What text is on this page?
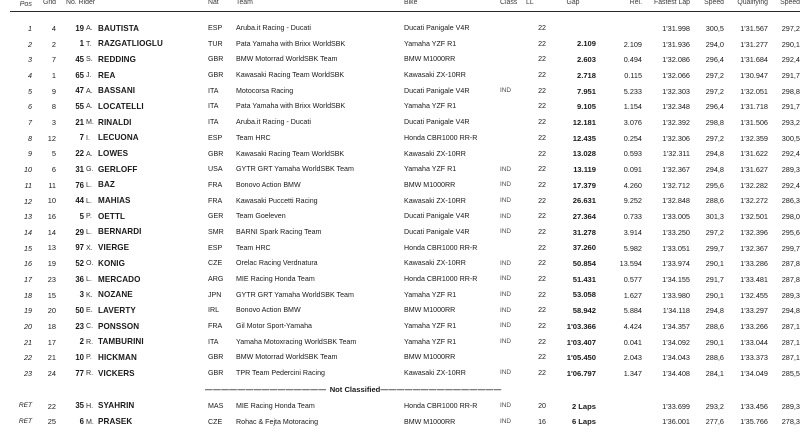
Pos	Grid	No. Rider			Nat	Team	Bike	Class	LL	Gap	Rel.	Fastest Lap	Speed	Qualifying	Speed

1	4	19	A.	BAUTISTA	ESP	Aruba.it Racing - Ducati	Ducati Panigale V4R		22			1'31.998	300,5	1'31.567	297,2
2	2	1	T.	RAZGATLIOGLU	TUR	Pata Yamaha with Brixx WorldSBK	Yamaha YZF R1		22	2.109	2.109	1'31.936	294,0	1'31.277	290,1
3	7	45	S.	REDDING	GBR	BMW Motorrad WorldSBK Team	BMW M1000RR		22	2.603	0.494	1'32.086	296,4	1'31.684	292,4
4	1	65	J.	REA	GBR	Kawasaki Racing Team WorldSBK	Kawasaki ZX-10RR		22	2.718	0.115	1'32.066	297,2	1'30.947	291,7
5	9	47	A.	BASSANI	ITA	Motocorsa Racing	Ducati Panigale V4R	IND	22	7.951	5.233	1'32.303	297,2	1'32.051	298,8
6	8	55	A.	LOCATELLI	ITA	Pata Yamaha with Brixx WorldSBK	Yamaha YZF R1		22	9.105	1.154	1'32.348	296,4	1'31.718	291,7
7	3	21	M.	RINALDI	ITA	Aruba.it Racing - Ducati	Ducati Panigale V4R		22	12.181	3.076	1'32.392	298,8	1'31.506	293,2
8	12	7	I.	LECUONA	ESP	Team HRC	Honda CBR1000 RR-R		22	12.435	0.254	1'32.306	297,2	1'32.359	300,5
9	5	22	A.	LOWES	GBR	Kawasaki Racing Team WorldSBK	Kawasaki ZX-10RR		22	13.028	0.593	1'32.311	294,8	1'31.622	292,4
10	6	31	G.	GERLOFF	USA	GYTR GRT Yamaha WorldSBK Team	Yamaha YZF R1	IND	22	13.119	0.091	1'32.367	294,8	1'31.627	289,3
11	11	76	L.	BAZ	FRA	Bonovo Action BMW	BMW M1000RR	IND	22	17.379	4.260	1'32.712	295,6	1'32.282	292,4
12	10	44	L.	MAHIAS	FRA	Kawasaki Puccetti Racing	Kawasaki ZX-10RR	IND	22	26.631	9.252	1'32.848	288,6	1'32.272	286,3
13	16	5	P.	OETTL	GER	Team Goeleven	Ducati Panigale V4R	IND	22	27.364	0.733	1'33.005	301,3	1'32.501	298,0
14	14	29	L.	BERNARDI	SMR	BARNI Spark Racing Team	Ducati Panigale V4R	IND	22	31.278	3.914	1'33.250	297,2	1'32.396	295,6
15	13	97	X.	VIERGE	ESP	Team HRC	Honda CBR1000 RR-R		22	37.260	5.982	1'33.051	299,7	1'32.367	299,7
16	19	52	O.	KONIG	CZE	Orelac Racing Verdnatura	Kawasaki ZX-10RR	IND	22	50.854	13.594	1'33.974	290,1	1'33.286	287,8
17	23	36	L.	MERCADO	ARG	MIE Racing Honda Team	Honda CBR1000 RR-R	IND	22	51.431	0.577	1'34.155	291,7	1'33.481	287,8
18	15	3	K.	NOZANE	JPN	GYTR GRT Yamaha WorldSBK Team	Yamaha YZF R1	IND	22	53.058	1.627	1'33.980	290,1	1'32.455	289,3
19	20	50	E.	LAVERTY	IRL	Bonovo Action BMW	BMW M1000RR	IND	22	58.942	5.884	1'34.118	294,8	1'33.297	294,8
20	18	23	C.	PONSSON	FRA	Gil Motor Sport-Yamaha	Yamaha YZF R1	IND	22	1'03.366	4.424	1'34.357	288,6	1'33.266	287,1
21	17	2	R.	TAMBURINI	ITA	Yamaha Motoxracing WorldSBK Team	Yamaha YZF R1	IND	22	1'03.407	0.041	1'34.092	290,1	1'33.044	287,1
22	21	10	P.	HICKMAN	GBR	BMW Motorrad WorldSBK Team	BMW M1000RR		22	1'05.450	2.043	1'34.043	288,6	1'33.373	287,1
23	24	77	R.	VICKERS	GBR	TPR Team Pedercini Racing	Kawasaki ZX-10RR	IND	22	1'06.797	1.347	1'34.408	284,1	1'34.049	285,5

——————————————— Not Classified ———————————————															

RET	22	35	H.	SYAHRIN	MAS	MIE Racing Honda Team	Honda CBR1000 RR-R	IND	20	2 Laps		1'33.699	293,2	1'33.456	289,3
RET	25	6	M.	PRASEK	CZE	Rohac & Fejta Motoracing	BMW M1000RR	IND	16	6 Laps		1'36.001	277,6	1'35.766	278,3
